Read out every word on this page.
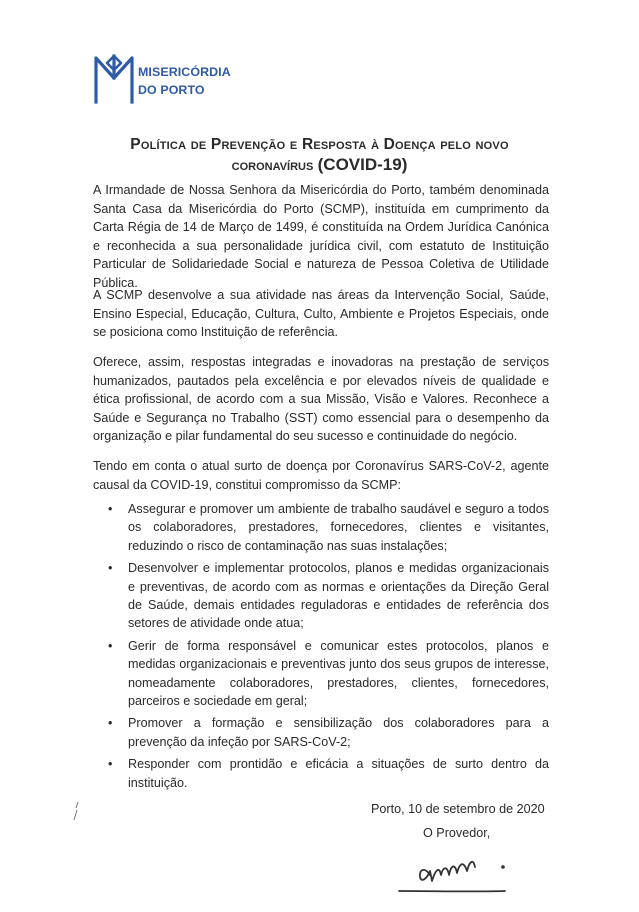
MISERICÓRDIA
DO PORTO
Política de Prevenção e Resposta à Doença pelo novo
coronavírus (COVID-19)

A Irmandade de Nossa Senhora da Misericórdia do Porto, também denominada Santa Casa da Misericórdia do Porto (SCMP), instituída em cumprimento da Carta Régia de 14 de Março de 1499, é constituída na Ordem Jurídica Canónica e reconhecida a sua personalidade jurídica civil, com estatuto de Instituição Particular de Solidariedade Social e natureza de Pessoa Coletiva de Utilidade Pública.

A SCMP desenvolve a sua atividade nas áreas da Intervenção Social, Saúde, Ensino Especial, Educação, Cultura, Culto, Ambiente e Projetos Especiais, onde se posiciona como Instituição de referência.

Oferece, assim, respostas integradas e inovadoras na prestação de serviços humanizados, pautados pela excelência e por elevados níveis de qualidade e ética profissional, de acordo com a sua Missão, Visão e Valores. Reconhece a Saúde e Segurança no Trabalho (SST) como essencial para o desempenho da organização e pilar fundamental do seu sucesso e continuidade do negócio.

Tendo em conta o atual surto de doença por Coronavírus SARS-CoV-2, agente causal da COVID-19, constitui compromisso da SCMP:

• Assegurar e promover um ambiente de trabalho saudável e seguro a todos os colaboradores, prestadores, fornecedores, clientes e visitantes, reduzindo o risco de contaminação nas suas instalações;
• Desenvolver e implementar protocolos, planos e medidas organizacionais e preventivas, de acordo com as normas e orientações da Direção Geral de Saúde, demais entidades reguladoras e entidades de referência dos setores de atividade onde atua;
• Gerir de forma responsável e comunicar estes protocolos, planos e medidas organizacionais e preventivas junto dos seus grupos de interesse, nomeadamente colaboradores, prestadores, clientes, fornecedores, parceiros e sociedade em geral;
• Promover a formação e sensibilização dos colaboradores para a prevenção da infeção por SARS-CoV-2;
• Responder com prontidão e eficácia a situações de surto dentro da instituição.
Porto, 10 de setembro de 2020
O Provedor,
